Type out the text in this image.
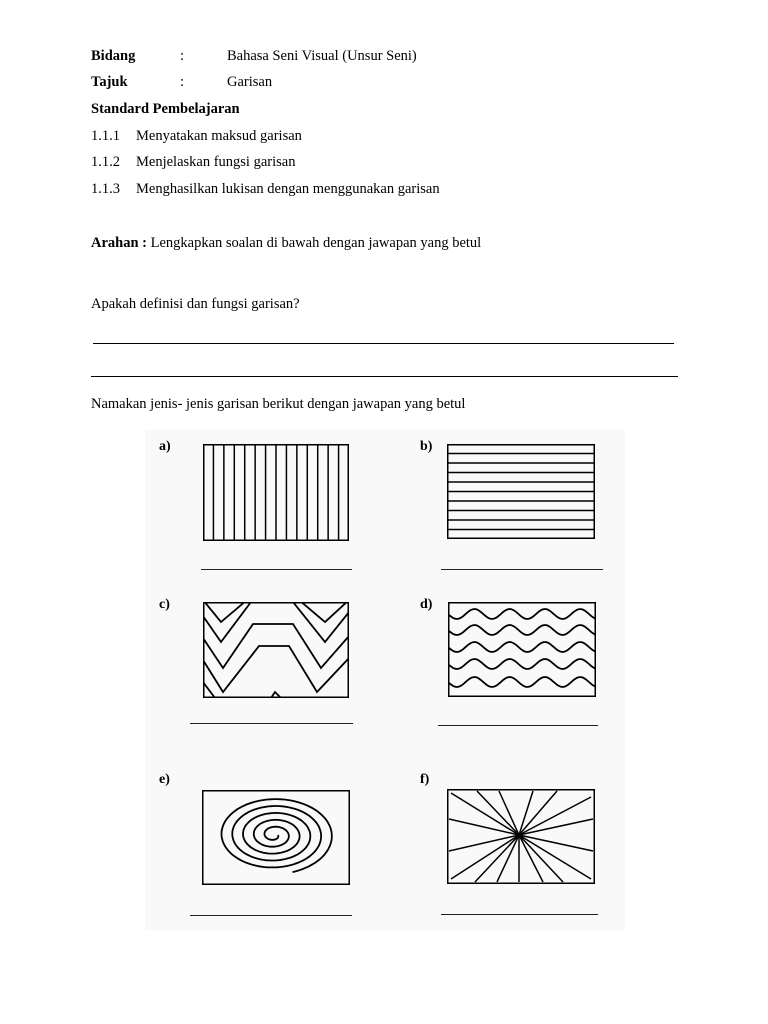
Bidang	:	Bahasa Seni Visual (Unsur Seni)
Tajuk	:	Garisan
Standard Pembelajaran
1.1.1 Menyatakan maksud garisan
1.1.2 Menjelaskan fungsi garisan
1.1.3 Menghasilkan lukisan dengan menggunakan garisan
Arahan : Lengkapkan soalan di bawah dengan jawapan yang betul
Apakah definisi dan fungsi garisan?
Namakan jenis- jenis garisan berikut dengan jawapan yang betul
a)	b)
c)	d)
e)	f)
